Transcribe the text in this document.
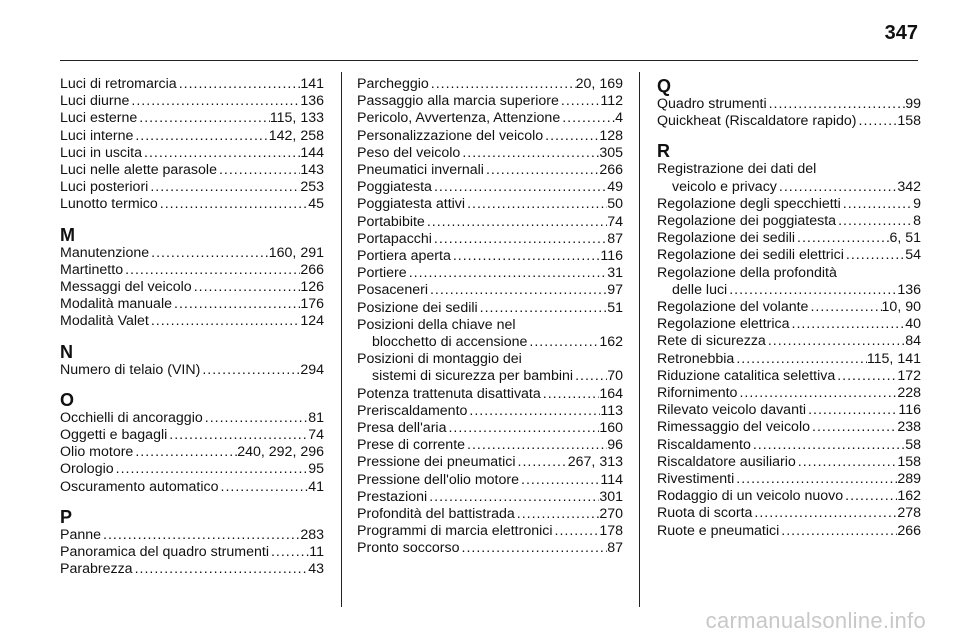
347
Luci di retromarcia .....	141
Luci diurne .....	136
Luci esterne .....	115, 133
Luci interne .....	142, 258
Luci in uscita .....	144
Luci nelle alette parasole .....	143
Luci posteriori .....	253
Lunotto termico .....	45
M
Manutenzione .....	160, 291
Martinetto .....	266
Messaggi del veicolo .....	126
Modalità manuale .....	176
Modalità Valet .....	124
N
Numero di telaio (VIN) .....	294
O
Occhielli di ancoraggio .....	81
Oggetti e bagagli .....	74
Olio motore .....	240, 292, 296
Orologio .....	95
Oscuramento automatico .....	41
P
Panne .....	283
Panoramica del quadro strumenti .....	11
Parabrezza .....	43
Parcheggio .....	20, 169
Passaggio alla marcia superiore .....	112
Pericolo, Avvertenza, Attenzione .....	4
Personalizzazione del veicolo .....	128
Peso del veicolo .....	305
Pneumatici invernali .....	266
Poggiatesta .....	49
Poggiatesta attivi .....	50
Portabibite .....	74
Portapacchi .....	87
Portiera aperta .....	116
Portiere .....	31
Posaceneri .....	97
Posizione dei sedili .....	51
Posizioni della chiave nel
blocchetto di accensione .....	162
Posizioni di montaggio dei
sistemi di sicurezza per bambini ..... 70
Potenza trattenuta disattivata .....	164
Preriscaldamento .....	113
Presa dell'aria .....	160
Prese di corrente .....	96
Pressione dei pneumatici .....	267, 313
Pressione dell'olio motore .....	114
Prestazioni .....	301
Profondità del battistrada .....	270
Programmi di marcia elettronici .....	178
Pronto soccorso .....	87
Q
Quadro strumenti .....	99
Quickheat (Riscaldatore rapido) .....	158
R
Registrazione dei dati del
veicolo e privacy .....	342
Regolazione degli specchietti .....	9
Regolazione dei poggiatesta .....	8
Regolazione dei sedili .....	6, 51
Regolazione dei sedili elettrici .....	54
Regolazione della profondità
delle luci .....	136
Regolazione del volante .....	10, 90
Regolazione elettrica .....	40
Rete di sicurezza .....	84
Retronebbia .....	115, 141
Riduzione catalitica selettiva .....	172
Rifornimento .....	228
Rilevato veicolo davanti .....	116
Rimessaggio del veicolo .....	238
Riscaldamento .....	58
Riscaldatore ausiliario .....	158
Rivestimenti .....	289
Rodaggio di un veicolo nuovo .....	162
Ruota di scorta .....	278
Ruote e pneumatici .....	266
carmanualsonline.info
